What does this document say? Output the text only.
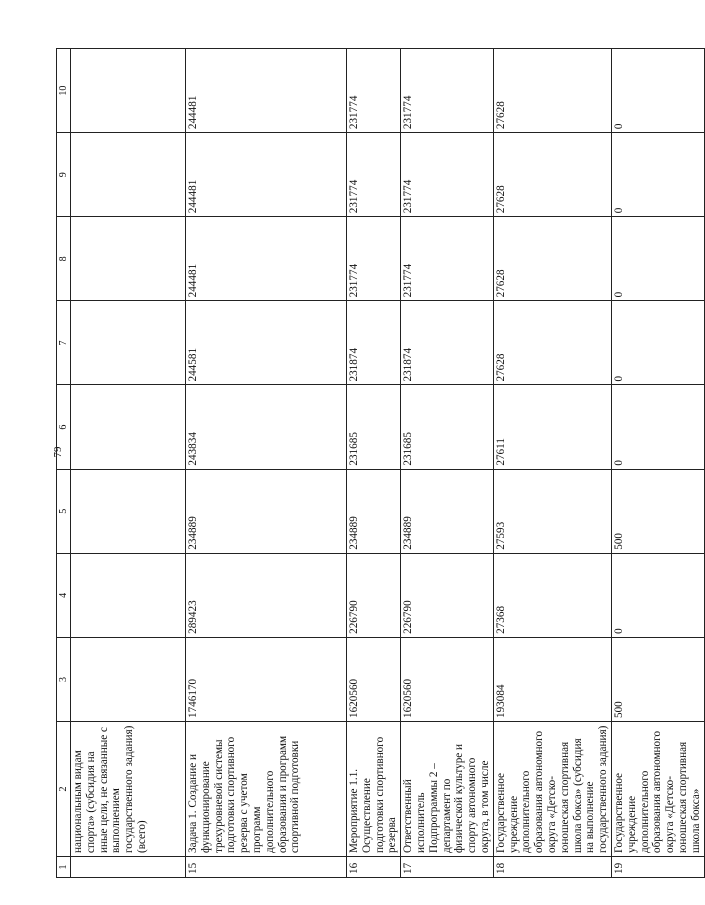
79
1	2	3	4	5	6	7	8	9	10
	национальным видам спорта» (субсидия на иные цели, не связанные с выполнением государственного задания) (всего)								
15	Задача 1. Создание и функционирование трехуровневой системы подготовки спортивного резерва с учетом программ дополнительного образования и программ спортивной подготовки	1746170	289423	234889	243834	244581	244481	244481	244481
16	Мероприятие 1.1. Осуществление подготовки спортивного резерва	1620560	226790	234889	231685	231874	231774	231774	231774
17	Ответственный исполнитель Подпрограммы 2 – департамент по физической культуре и спорту автономного округа, в том числе	1620560	226790	234889	231685	231874	231774	231774	231774
18	Государственное учреждение дополнительного образования автономного округа «Детско-юношеская спортивная школа бокса» (субсидия на выполнение государственного задания)	193084	27368	27593	27611	27628	27628	27628	27628
19	Государственное учреждение дополнительного образования автономного округа «Детско-юношеская спортивная школа бокса»	500	0	500	0	0	0	0	0
